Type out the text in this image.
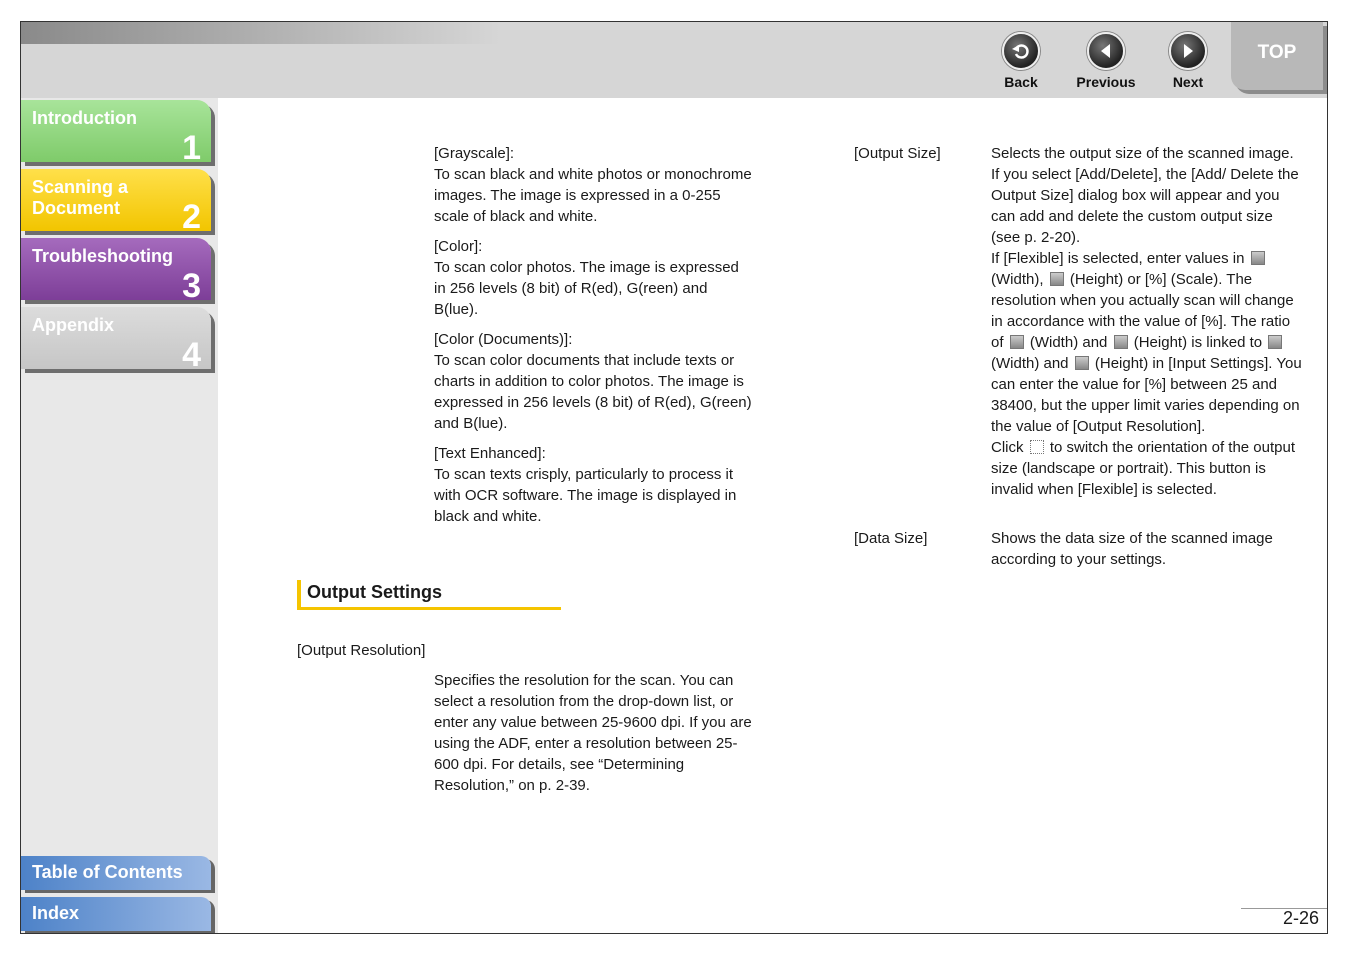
Back	Previous	Next
TOP
Introduction
1
Scanning a Document	2
Troubleshooting
3
Appendix
4
Table of Contents
Index

[Grayscale]:

To scan black and white photos or monochrome images. The image is expressed in a 0-255 scale of black and white.

[Color]:

To scan color photos. The image is expressed in 256 levels (8 bit) of R(ed), G(reen) and B(lue).

[Color (Documents)]:

To scan color documents that include texts or charts in addition to color photos. The image is expressed in 256 levels (8 bit) of R(ed), G(reen) and B(lue).

[Text Enhanced]:

To scan texts crisply, particularly to process it with OCR software. The image is displayed in black and white.

Output Settings
[Output Resolution]

Specifies the resolution for the scan. You can select a resolution from the drop-down list, or enter any value between 25-9600 dpi. If you are using the ADF, enter a resolution between 25-600 dpi. For details, see “Determining Resolution,” on p. 2-39.

[Output Size]	Selects the output size of the scanned image. If you select [Add/Delete], the [Add/ Delete the Output Size] dialog box will appear and you can add and delete the custom output size (see p. 2-20).

If [Flexible] is selected, enter values in  (Width), (Height) or [%] (Scale). The resolution when you actually scan will change in accordance with the value of [%]. The ratio of (Width) and (Height) is linked to  (Width) and (Height) in [Input Settings]. You can enter the value for [%] between 25 and 38400, but the upper limit varies depending on the value of [Output Resolution].

Click to switch the orientation of the output size (landscape or portrait). This button is invalid when [Flexible] is selected.

[Data Size]	Shows the data size of the scanned image according to your settings.

2-26
